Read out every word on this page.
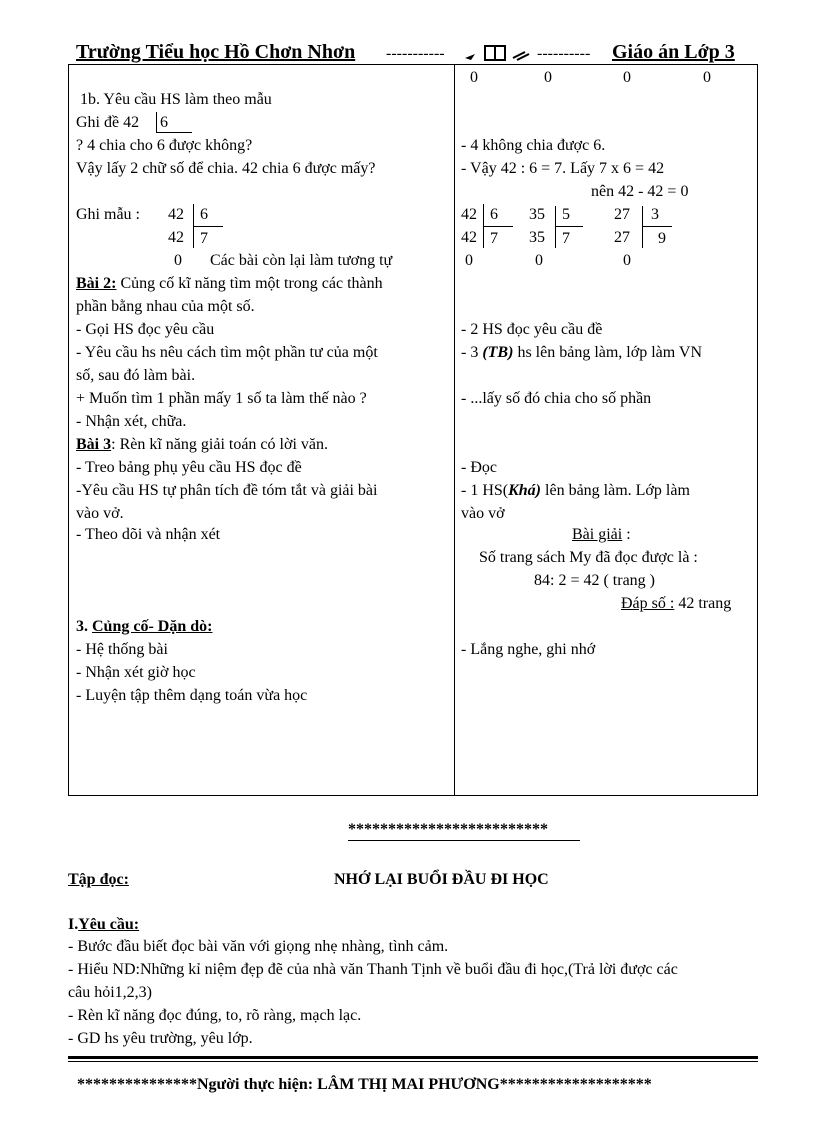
Trường Tiểu học Hồ Chơn Nhơn -----------	---------- Giáo án Lớp 3
1b. Yêu cầu HS làm theo mẫu
Ghi đề 42 6
? 4 chia cho 6 được không?
Vậy lấy 2 chữ số để chia. 42 chia 6 được mấy?
Ghi mẫu : 42 6
42 7
0 Các bài còn lại làm tương tự
Bài 2: Củng cố kĩ năng tìm một trong các thành
phần bằng nhau của một số.
- Gọi HS đọc yêu cầu
- Yêu cầu hs nêu cách tìm một phần tư của một
số, sau đó làm bài.
+ Muốn tìm 1 phần mấy 1 số ta làm thế nào ?
- Nhận xét, chữa.
Bài 3: Rèn kĩ năng giải toán có lời văn.
- Treo bảng phụ yêu cầu HS đọc đề
-Yêu cầu HS tự phân tích đề tóm tắt và giải bài
vào vở.
- Theo dõi và nhận xét
3. Củng cố- Dặn dò:
- Hệ thống bài
- Nhận xét giờ học
- Luyện tập thêm dạng toán vừa học
0	0	0	0
- 4 không chia được 6.
- Vậy 42 : 6 = 7. Lấy 7 x 6 = 42
nên 42 - 42 = 0
42 6
42 7
0
35 5
35 7
0
27 3
27 9
0
- 2 HS đọc yêu cầu đề
- 3 (TB) hs lên bảng làm, lớp làm VN
- ...lấy số đó chia cho số phần
- Đọc
- 1 HS(Khá) lên bảng làm. Lớp làm
vào vở
Bài giải :
Số trang sách My đã đọc được là :
84: 2 = 42 ( trang )
Đáp số : 42 trang
- Lắng nghe, ghi nhớ
*************************
Tập đọc:	NHỚ LẠI BUỔI ĐẦU ĐI HỌC
I.Yêu cầu:
- Bước đầu biết đọc bài văn với giọng nhẹ nhàng, tình cảm.
- Hiểu ND:Những kỉ niệm đẹp đẽ của nhà văn Thanh Tịnh về buổi đầu đi học,(Trả lời được các
câu hỏi1,2,3)
- Rèn kĩ năng đọc đúng, to, rõ ràng, mạch lạc.
- GD hs yêu trường, yêu lớp.
***************Người thực hiện: LÂM THỊ MAI PHƯƠNG*******************
